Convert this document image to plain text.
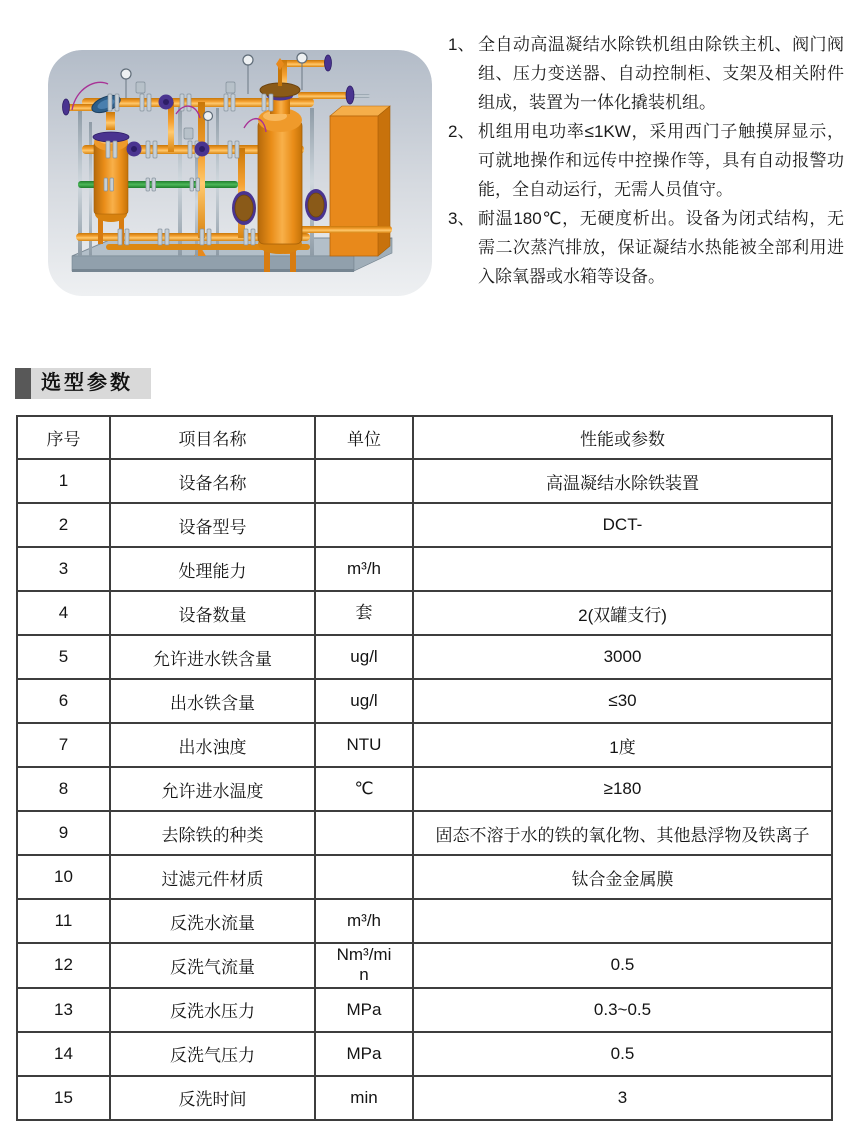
1、 全自动高温凝结水除铁机组由除铁主机、阀门阀组、压力变送器、自动控制柜、支架及相关附件组成，装置为一体化撬装机组。
2、 机组用电功率≤1KW，采用西门子触摸屏显示，可就地操作和远传中控操作等，具有自动报警功能，全自动运行，无需人员值守。
3、 耐温180℃，无硬度析出。设备为闭式结构，无需二次蒸汽排放，保证凝结水热能被全部利用进入除氧器或水箱等设备。
选型参数
序号	项目名称	单位	性能或参数
1	设备名称		高温凝结水除铁装置
2	设备型号		DCT-
3	处理能力	m³/h	
4	设备数量	套	2(双罐支行)
5	允许进水铁含量	ug/l	3000
6	出水铁含量	ug/l	≤30
7	出水浊度	NTU	1度
8	允许进水温度	℃	≥180
9	去除铁的种类		固态不溶于水的铁的氧化物、其他悬浮物及铁离子
10	过滤元件材质		钛合金金属膜
11	反洗水流量	m³/h	
12	反洗气流量	Nm³/min	0.5
13	反洗水压力	MPa	0.3~0.5
14	反洗气压力	MPa	0.5
15	反洗时间	min	3
